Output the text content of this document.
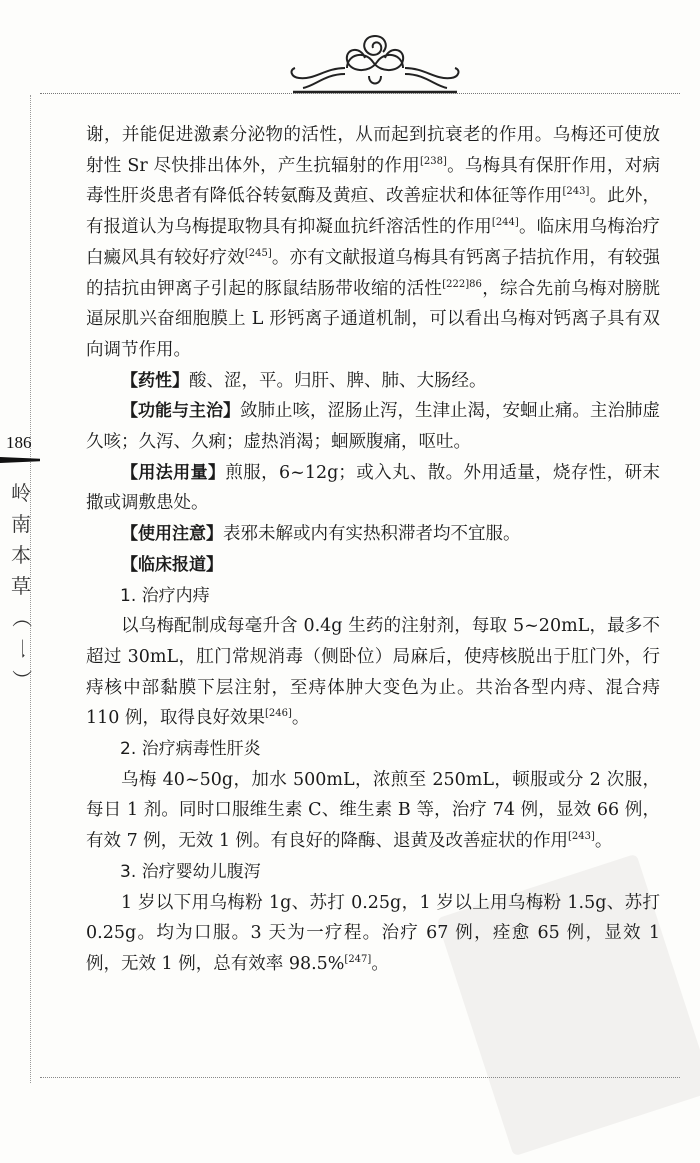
186
岭
南
本
草
（
一
）

谢，并能促进激素分泌物的活性，从而起到抗衰老的作用。乌梅还可使放射性 Sr 尽快排出体外，产生抗辐射的作用[238]。乌梅具有保肝作用，对病毒性肝炎患者有降低谷转氨酶及黄疸、改善症状和体征等作用[243]。此外，有报道认为乌梅提取物具有抑凝血抗纤溶活性的作用[244]。临床用乌梅治疗白癜风具有较好疗效[245]。亦有文献报道乌梅具有钙离子拮抗作用，有较强的拮抗由钾离子引起的豚鼠结肠带收缩的活性$^{[222]86}$，综合先前乌梅对膀胱逼尿肌兴奋细胞膜上 L 形钙离子通道机制，可以看出乌梅对钙离子具有双向调节作用。

【药性】酸、涩，平。归肝、脾、肺、大肠经。

【功能与主治】敛肺止咳，涩肠止泻，生津止渴，安蛔止痛。主治肺虚久咳；久泻、久痢；虚热消渴；蛔厥腹痛，呕吐。

【用法用量】煎服，6~12g；或入丸、散。外用适量，烧存性，研末撒或调敷患处。

【使用注意】表邪未解或内有实热积滞者均不宜服。

【临床报道】

1. 治疗内痔

以乌梅配制成每毫升含 0.4g 生药的注射剂，每取 5~20mL，最多不超过 30mL，肛门常规消毒（侧卧位）局麻后，使痔核脱出于肛门外，行痔核中部黏膜下层注射，至痔体肿大变色为止。共治各型内痔、混合痔 110 例，取得良好效果[246]。

2. 治疗病毒性肝炎

乌梅 40~50g，加水 500mL，浓煎至 250mL，顿服或分 2 次服，每日 1 剂。同时口服维生素 C、维生素 B 等，治疗 74 例，显效 66 例，有效 7 例，无效 1 例。有良好的降酶、退黄及改善症状的作用[243]。

3. 治疗婴幼儿腹泻

1 岁以下用乌梅粉 1g、苏打 0.25g，1 岁以上用乌梅粉 1.5g、苏打 0.25g。均为口服。3 天为一疗程。治疗 67 例，痊愈 65 例，显效 1 例，无效 1 例，总有效率 98.5%[247]。
